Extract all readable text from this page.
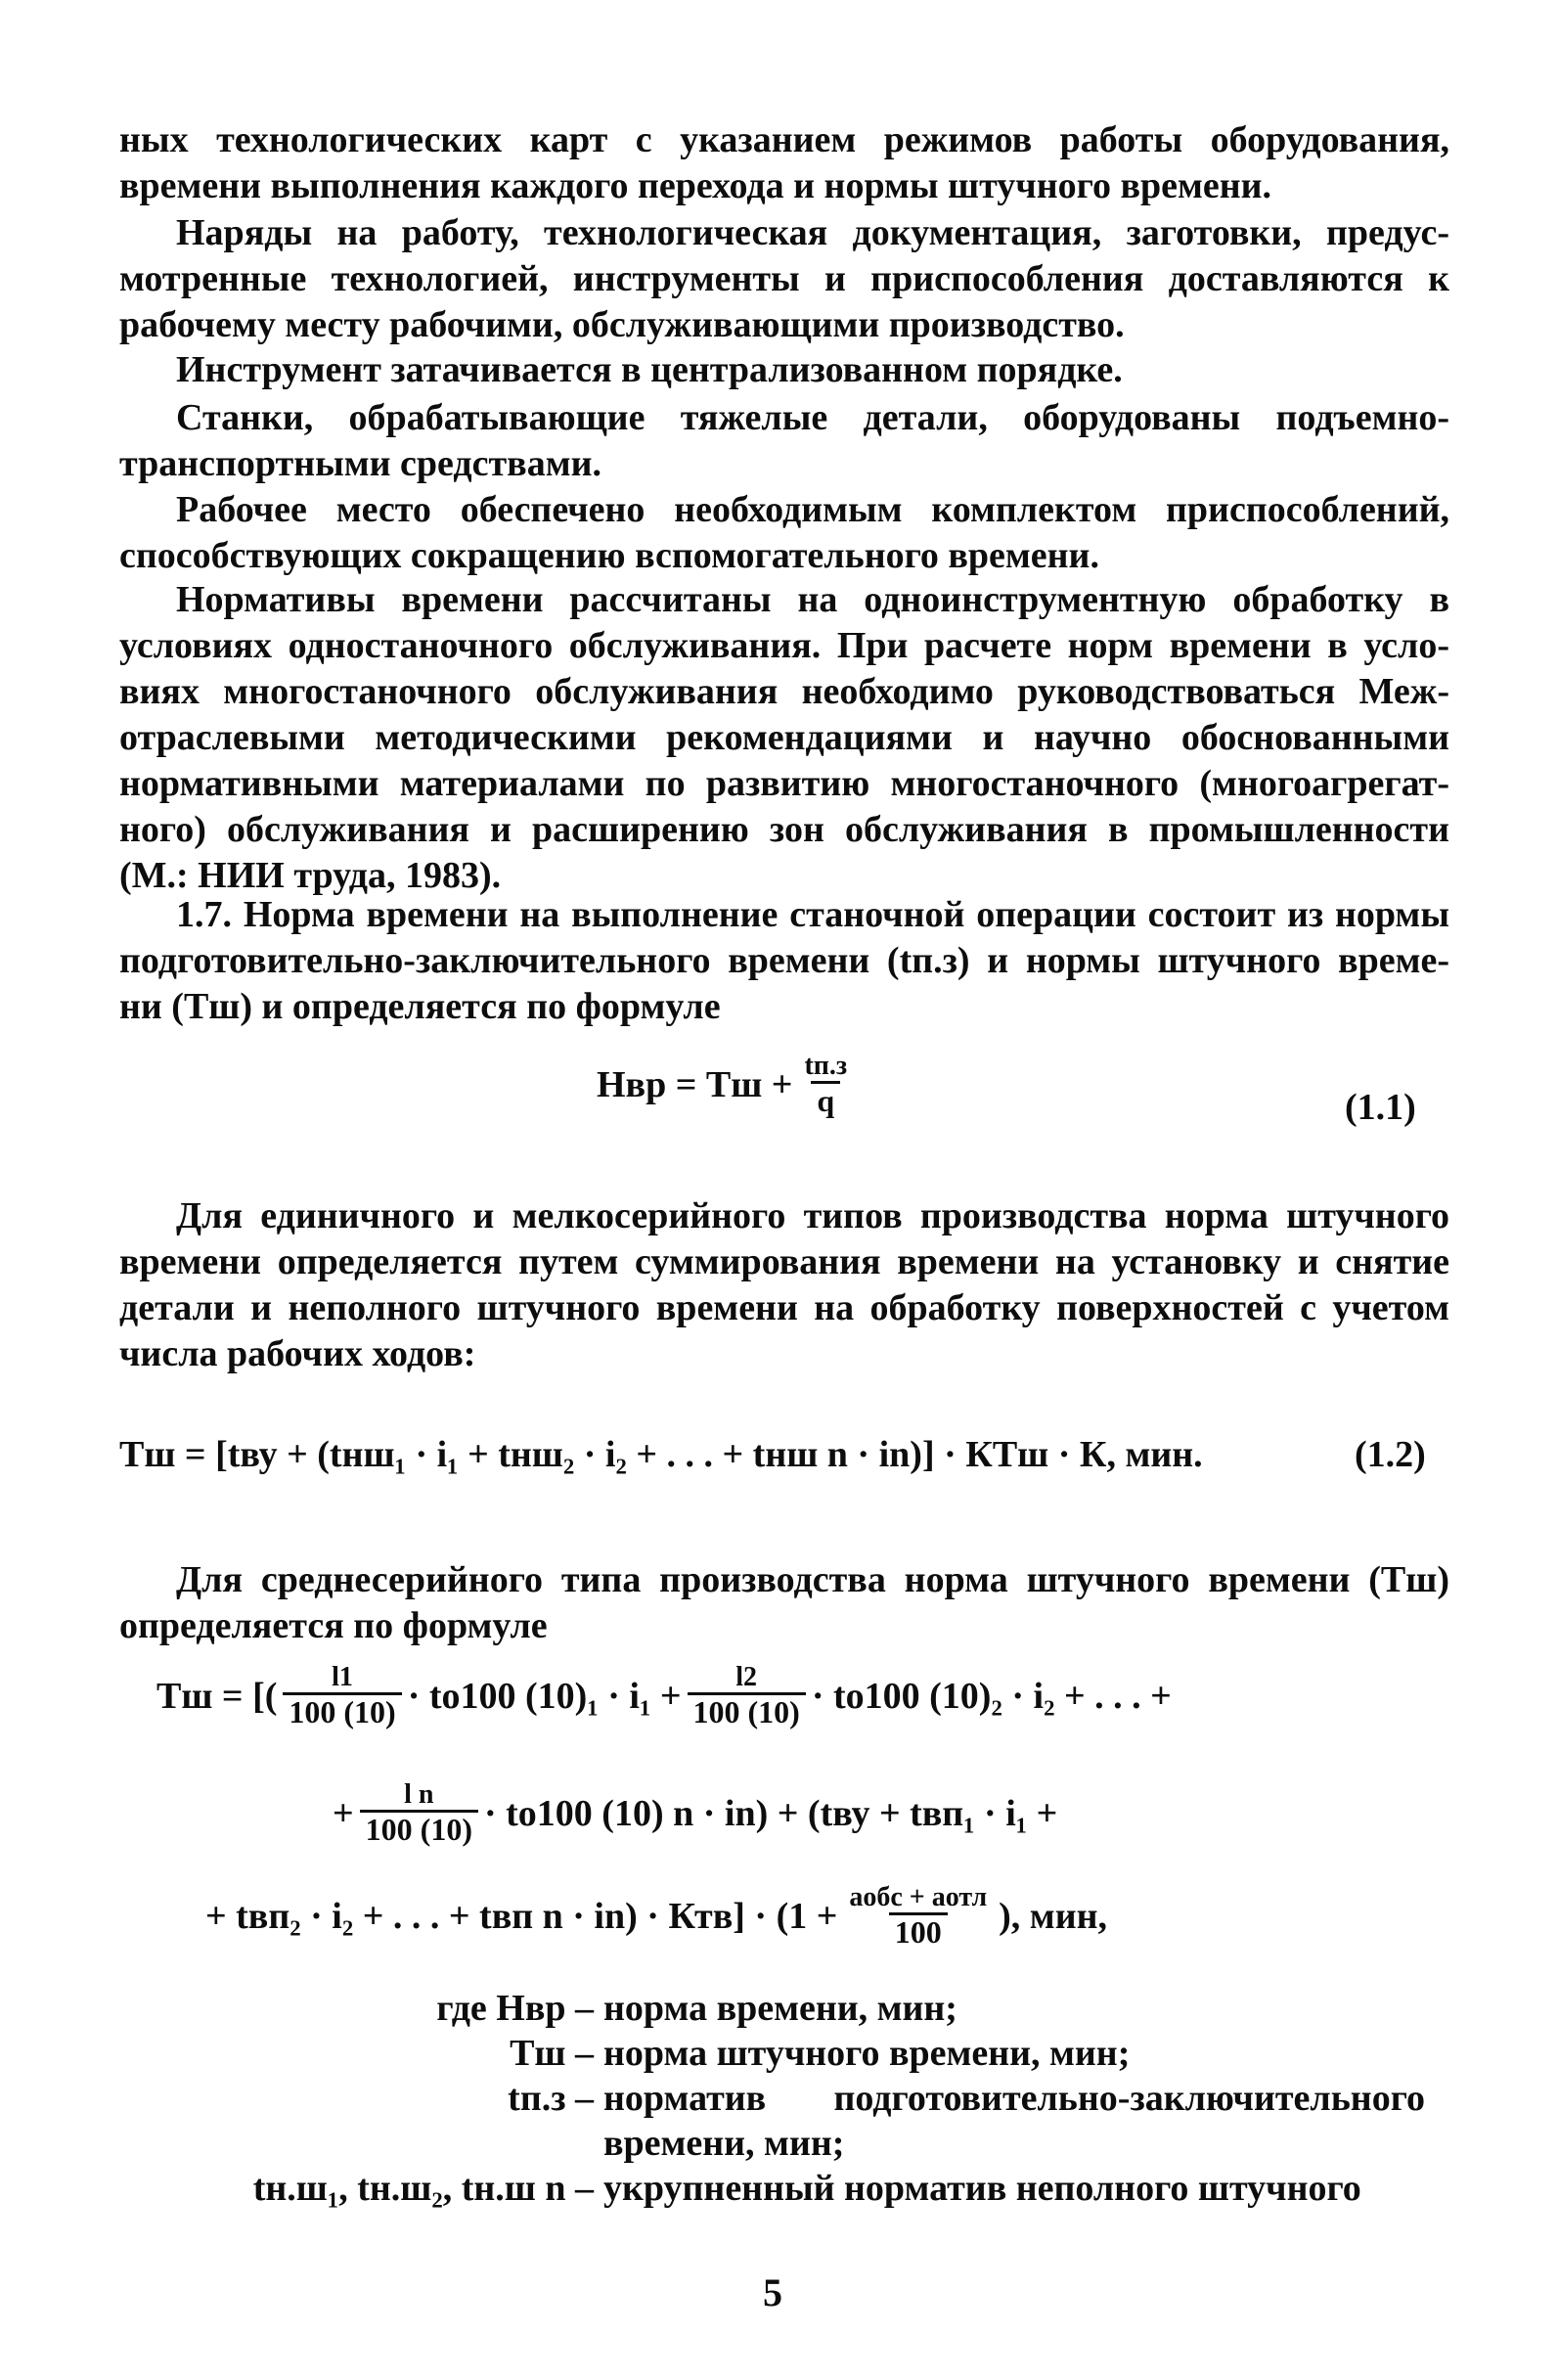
ных технологических карт с указанием режимов работы оборудования,
времени выполнения каждого перехода и нормы штучного времени.
Наряды на работу, технологическая документация, заготовки, предус-
мотренные технологией, инструменты и приспособления доставляются к
рабочему месту рабочими, обслуживающими производство.
Инструмент затачивается в централизованном порядке.
Станки, обрабатывающие тяжелые детали, оборудованы подъемно-
транспортными средствами.
Рабочее место обеспечено необходимым комплектом приспособлений,
способствующих сокращению вспомогательного времени.
Нормативы времени рассчитаны на одноинструментную обработку в
условиях одностаночного обслуживания. При расчете норм времени в усло-
виях многостаночного обслуживания необходимо руководствоваться Меж-
отраслевыми методическими рекомендациями и научно обоснованными
нормативными материалами по развитию многостаночного (многоагрегат-
ного) обслуживания и расширению зон обслуживания в промышленности
(М.: НИИ труда, 1983).
1.7. Норма времени на выполнение станочной операции состоит из нормы
подготовительно-заключительного времени (tп.з) и нормы штучного време-
ни (Тш) и определяется по формуле
Нвр = Тш + $\frac{tп.з}{q}$	(1.1)
Для единичного и мелкосерийного типов производства норма штучного
времени определяется путем суммирования времени на установку и снятие
детали и неполного штучного времени на обработку поверхностей с учетом
числа рабочих ходов:
Тш = [tву + (tнш₁ · i₁ + tнш₂ · i₂ + . . . + tнш n · in)] · КТш · К, мин.	(1.2)
Для среднесерийного типа производства норма штучного времени (Тш)
определяется по формуле
Тш = [( $\frac{l1}{100 (10)} \cdot tо100$ $(10)_1 \cdot i_1 + \frac{l2}{100 (10)} \cdot tо100$ (10)₂ · i₂ + . . . +
+ $\frac{\text{l n}}{100 (10)} \cdot tо100$ (10) n · in) + (tву + tвп₁ · i₁ +
+ tвп₂ · i₂ + . . . + tвп $n \cdot in) \cdot Ктв] \cdot (1 + \frac{\text{aобс + aотл}}{100}$ ), мин,
где Нвр – норма времени, мин;
Тш – норма штучного времени, мин;
tп.з – норматив подготовительно-заключительного времени, мин;
tн.ш₁, tн.ш₂, tн.ш n – укрупненный норматив неполного штучного
5
